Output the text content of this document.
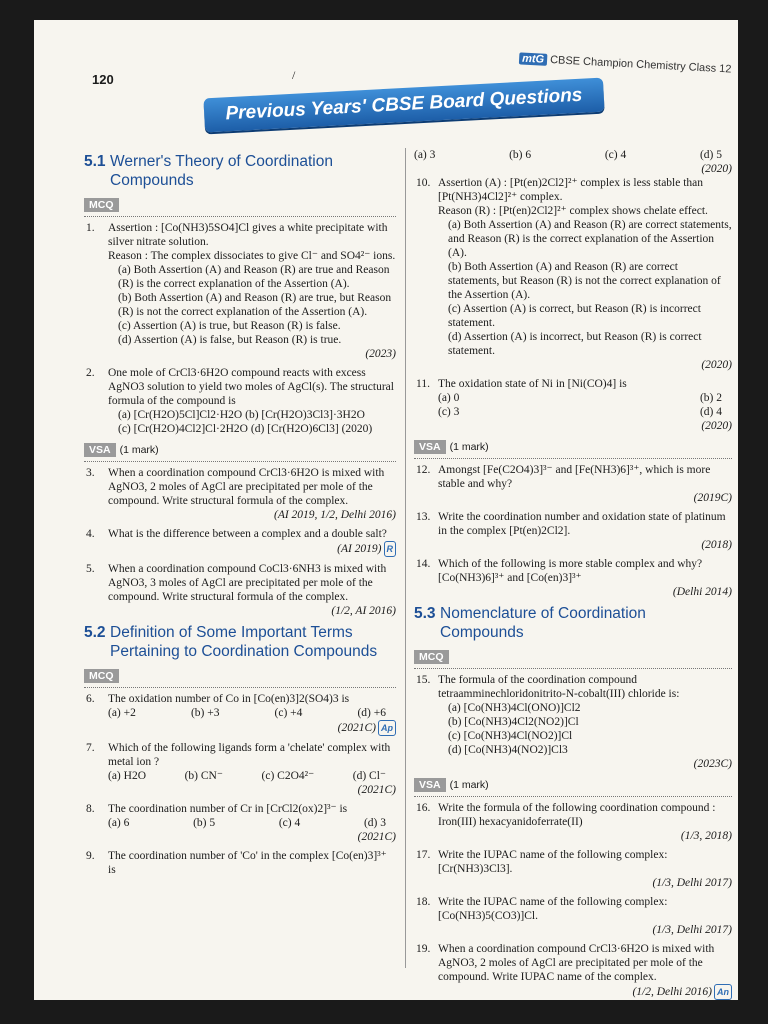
120	/
mtG CBSE Champion Chemistry Class 12
Previous Years' CBSE Board Questions
5.1 Werner's Theory of Coordination Compounds
MCQ
1. Assertion : [Co(NH3)5SO4]Cl gives a white precipitate with silver nitrate solution.
Reason : The complex dissociates to give Cl⁻ and SO4²⁻ ions.
(a) Both Assertion (A) and Reason (R) are true and Reason (R) is the correct explanation of the Assertion (A).
(b) Both Assertion (A) and Reason (R) are true, but Reason (R) is not the correct explanation of the Assertion (A).
(c) Assertion (A) is true, but Reason (R) is false.
(d) Assertion (A) is false, but Reason (R) is true.
(2023)
2. One mole of CrCl3·6H2O compound reacts with excess AgNO3 solution to yield two moles of AgCl(s). The structural formula of the compound is
(a) [Cr(H2O)5Cl]Cl2·H2O (b) [Cr(H2O)3Cl3]·3H2O
(c) [Cr(H2O)4Cl2]Cl·2H2O (d) [Cr(H2O)6Cl3] (2020)
VSA (1 mark)
3. When a coordination compound CrCl3·6H2O is mixed with AgNO3, 2 moles of AgCl are precipitated per mole of the compound. Write structural formula of the complex.
(AI 2019, 1/2, Delhi 2016)
4. What is the difference between a complex and a double salt?
(AI 2019) R
5. When a coordination compound CoCl3·6NH3 is mixed with AgNO3, 3 moles of AgCl are precipitated per mole of the compound. Write structural formula of the complex.
(1/2, AI 2016)
5.2 Definition of Some Important Terms Pertaining to Coordination Compounds
MCQ
6. The oxidation number of Co in [Co(en)3]2(SO4)3 is
(a) +2	(b) +3	(c) +4	(d) +6
(2021C) Ap
7. Which of the following ligands form a 'chelate' complex with metal ion ?
(a) H2O	(b) CN⁻	(c) C2O4²⁻	(d) Cl⁻
(2021C)
8. The coordination number of Cr in [CrCl2(ox)2]³⁻ is
(a) 6	(b) 5	(c) 4	(d) 3
(2021C)
9. The coordination number of 'Co' in the complex [Co(en)3]³⁺ is
(a) 3	(b) 6	(c) 4	(d) 5
(2020)
10. Assertion (A) : [Pt(en)2Cl2]²⁺ complex is less stable than [Pt(NH3)4Cl2]²⁺ complex.
Reason (R) : [Pt(en)2Cl2]²⁺ complex shows chelate effect.
(a) Both Assertion (A) and Reason (R) are correct statements, and Reason (R) is the correct explanation of the Assertion (A).
(b) Both Assertion (A) and Reason (R) are correct statements, but Reason (R) is not the correct explanation of the Assertion (A).
(c) Assertion (A) is correct, but Reason (R) is incorrect statement.
(d) Assertion (A) is incorrect, but Reason (R) is correct statement.
(2020)
11. The oxidation state of Ni in [Ni(CO)4] is
(a) 0	(b) 2
(c) 3	(d) 4
(2020)
VSA (1 mark)
12. Amongst [Fe(C2O4)3]³⁻ and [Fe(NH3)6]³⁺, which is more stable and why?
(2019C)
13. Write the coordination number and oxidation state of platinum in the complex [Pt(en)2Cl2].
(2018)
14. Which of the following is more stable complex and why?
[Co(NH3)6]³⁺ and [Co(en)3]³⁺
(Delhi 2014)
5.3 Nomenclature of Coordination Compounds
MCQ
15. The formula of the coordination compound tetraamminechloridonitrito-N-cobalt(III) chloride is:
(a) [Co(NH3)4Cl(ONO)]Cl2
(b) [Co(NH3)4Cl2(NO2)]Cl
(c) [Co(NH3)4Cl(NO2)]Cl
(d) [Co(NH3)4(NO2)]Cl3
(2023C)
VSA (1 mark)
16. Write the formula of the following coordination compound :
Iron(III) hexacyanidoferrate(II)
(1/3, 2018)
17. Write the IUPAC name of the following complex: [Cr(NH3)3Cl3].
(1/3, Delhi 2017)
18. Write the IUPAC name of the following complex: [Co(NH3)5(CO3)]Cl.
(1/3, Delhi 2017)
19. When a coordination compound CrCl3·6H2O is mixed with AgNO3, 2 moles of AgCl are precipitated per mole of the compound. Write IUPAC name of the complex.
(1/2, Delhi 2016) An
